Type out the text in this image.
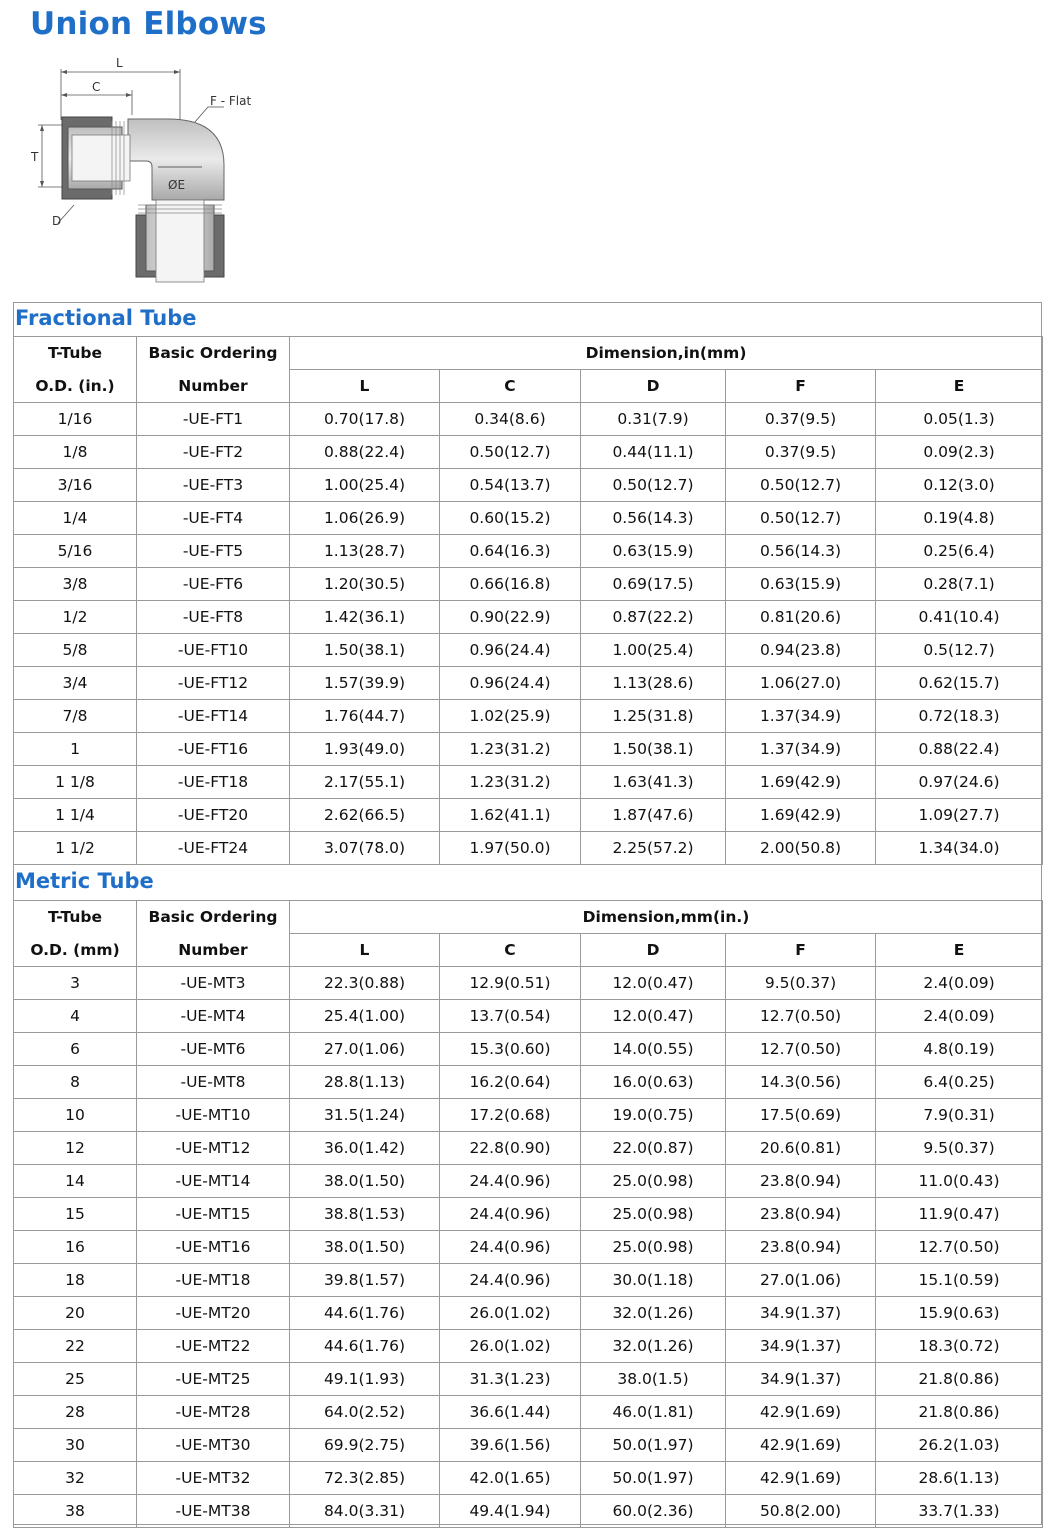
Union Elbows
L
C
F - Flat
T
ØE
D
Fractional Tube
T-Tube	Basic Ordering	Dimension,in(mm)				
O.D. (in.)	Number	L	C	D	F	E
1/16	-UE-FT1	0.70(17.8)	0.34(8.6)	0.31(7.9)	0.37(9.5)	0.05(1.3)
1/8	-UE-FT2	0.88(22.4)	0.50(12.7)	0.44(11.1)	0.37(9.5)	0.09(2.3)
3/16	-UE-FT3	1.00(25.4)	0.54(13.7)	0.50(12.7)	0.50(12.7)	0.12(3.0)
1/4	-UE-FT4	1.06(26.9)	0.60(15.2)	0.56(14.3)	0.50(12.7)	0.19(4.8)
5/16	-UE-FT5	1.13(28.7)	0.64(16.3)	0.63(15.9)	0.56(14.3)	0.25(6.4)
3/8	-UE-FT6	1.20(30.5)	0.66(16.8)	0.69(17.5)	0.63(15.9)	0.28(7.1)
1/2	-UE-FT8	1.42(36.1)	0.90(22.9)	0.87(22.2)	0.81(20.6)	0.41(10.4)
5/8	-UE-FT10	1.50(38.1)	0.96(24.4)	1.00(25.4)	0.94(23.8)	0.5(12.7)
3/4	-UE-FT12	1.57(39.9)	0.96(24.4)	1.13(28.6)	1.06(27.0)	0.62(15.7)
7/8	-UE-FT14	1.76(44.7)	1.02(25.9)	1.25(31.8)	1.37(34.9)	0.72(18.3)
1	-UE-FT16	1.93(49.0)	1.23(31.2)	1.50(38.1)	1.37(34.9)	0.88(22.4)
1 1/8	-UE-FT18	2.17(55.1)	1.23(31.2)	1.63(41.3)	1.69(42.9)	0.97(24.6)
1 1/4	-UE-FT20	2.62(66.5)	1.62(41.1)	1.87(47.6)	1.69(42.9)	1.09(27.7)
1 1/2	-UE-FT24	3.07(78.0)	1.97(50.0)	2.25(57.2)	2.00(50.8)	1.34(34.0)
Metric Tube
T-Tube	Basic Ordering	Dimension,mm(in.)				
O.D. (mm)	Number	L	C	D	F	E
3	-UE-MT3	22.3(0.88)	12.9(0.51)	12.0(0.47)	9.5(0.37)	2.4(0.09)
4	-UE-MT4	25.4(1.00)	13.7(0.54)	12.0(0.47)	12.7(0.50)	2.4(0.09)
6	-UE-MT6	27.0(1.06)	15.3(0.60)	14.0(0.55)	12.7(0.50)	4.8(0.19)
8	-UE-MT8	28.8(1.13)	16.2(0.64)	16.0(0.63)	14.3(0.56)	6.4(0.25)
10	-UE-MT10	31.5(1.24)	17.2(0.68)	19.0(0.75)	17.5(0.69)	7.9(0.31)
12	-UE-MT12	36.0(1.42)	22.8(0.90)	22.0(0.87)	20.6(0.81)	9.5(0.37)
14	-UE-MT14	38.0(1.50)	24.4(0.96)	25.0(0.98)	23.8(0.94)	11.0(0.43)
15	-UE-MT15	38.8(1.53)	24.4(0.96)	25.0(0.98)	23.8(0.94)	11.9(0.47)
16	-UE-MT16	38.0(1.50)	24.4(0.96)	25.0(0.98)	23.8(0.94)	12.7(0.50)
18	-UE-MT18	39.8(1.57)	24.4(0.96)	30.0(1.18)	27.0(1.06)	15.1(0.59)
20	-UE-MT20	44.6(1.76)	26.0(1.02)	32.0(1.26)	34.9(1.37)	15.9(0.63)
22	-UE-MT22	44.6(1.76)	26.0(1.02)	32.0(1.26)	34.9(1.37)	18.3(0.72)
25	-UE-MT25	49.1(1.93)	31.3(1.23)	38.0(1.5)	34.9(1.37)	21.8(0.86)
28	-UE-MT28	64.0(2.52)	36.6(1.44)	46.0(1.81)	42.9(1.69)	21.8(0.86)
30	-UE-MT30	69.9(2.75)	39.6(1.56)	50.0(1.97)	42.9(1.69)	26.2(1.03)
32	-UE-MT32	72.3(2.85)	42.0(1.65)	50.0(1.97)	42.9(1.69)	28.6(1.13)
38	-UE-MT38	84.0(3.31)	49.4(1.94)	60.0(2.36)	50.8(2.00)	33.7(1.33)
